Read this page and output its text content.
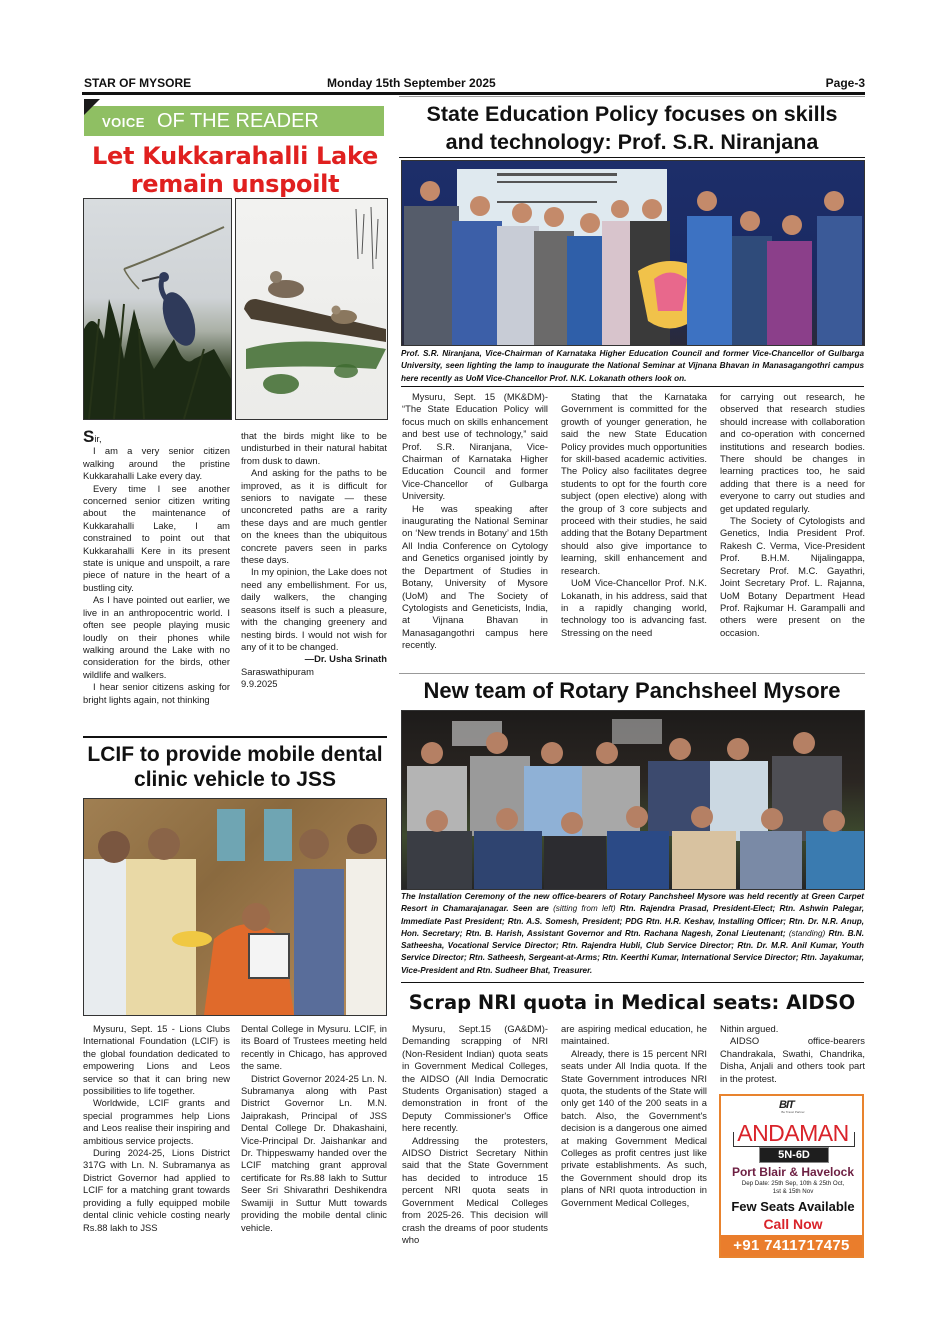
STAR OF MYSORE	Monday 15th September 2025	Page-3
VOICE OF THE READER
Let Kukkarahalli Lake
remain unspoilt

Sir,

I am a very senior citizen walking around the pristine Kukkarahalli Lake every day.

Every time I see another concerned senior citizen writing about the maintenance of Kukkarahalli Lake, I am constrained to point out that Kukkarahalli Kere in its present state is unique and unspoilt, a rare piece of nature in the heart of a bustling city.

As I have pointed out earlier, we live in an anthropocentric world. I often see people playing music loudly on their phones while walking around the Lake with no consideration for the birds, other wildlife and walkers.

I hear senior citizens asking for bright lights again, not thinking

that the birds might like to be undisturbed in their natural habitat from dusk to dawn.

And asking for the paths to be improved, as it is difficult for seniors to navigate — these unconcreted paths are a rarity these days and are much gentler on the knees than the ubiquitous concrete pavers seen in parks these days.

In my opinion, the Lake does not need any embellishment. For us, daily walkers, the changing seasons itself is such a pleasure, with the changing greenery and nesting birds. I would not wish for any of it to be changed.

—Dr. Usha Srinath

Saraswathipuram

9.9.2025

LCIF to provide mobile dental
clinic vehicle to JSS

Mysuru, Sept. 15 - Lions Clubs International Foundation (LCIF) is the global foundation dedicated to empowering Lions and Leos service so that it can bring new possibilities to life together.

Worldwide, LCIF grants and special programmes help Lions and Leos realise their inspiring and ambitious service projects.

During 2024-25, Lions District 317G with Ln. N. Subramanya as District Governor had applied to LCIF for a matching grant towards providing a fully equipped mobile dental clinic vehicle costing nearly Rs.88 lakh to JSS

Dental College in Mysuru. LCIF, in its Board of Trustees meeting held recently in Chicago, has approved the same.

District Governor 2024-25 Ln. N. Subramanya along with Past District Governor Ln. M.N. Jaiprakash, Principal of JSS Dental College Dr. Dhakashaini, Vice-Principal Dr. Jaishankar and Dr. Thippeswamy handed over the LCIF matching grant approval certificate for Rs.88 lakh to Suttur Seer Sri Shivarathri Deshikendra Swamiji in Suttur Mutt towards providing the mobile dental clinic vehicle.

State Education Policy focuses on skills
and technology: Prof. S.R. Niranjana
Prof. S.R. Niranjana, Vice-Chairman of Karnataka Higher Education Council and former Vice-Chancellor of Gulbarga University, seen lighting the lamp to inaugurate the National Seminar at Vijnana Bhavan in Manasagangothri campus here recently as UoM Vice-Chancellor Prof. N.K. Lokanath others look on.

Mysuru, Sept. 15 (MK&DM)- “The State Education Policy will focus much on skills enhancement and best use of technology,” said Prof. S.R. Niranjana, Vice-Chairman of Karnataka Higher Education Council and former Vice-Chancellor of Gulbarga University.

He was speaking after inaugurating the National Seminar on ‘New trends in Botany’ and 15th All India Conference on Cytology and Genetics organised jointly by the Department of Studies in Botany, University of Mysore (UoM) and The Society of Cytologists and Geneticists, India, at Vijnana Bhavan in Manasagangothri campus here recently.

Stating that the Karnataka Government is committed for the growth of younger generation, he said the new State Education Policy provides much opportunities for skill-based academic activities. The Policy also facilitates degree students to opt for the fourth core subject (open elective) along with the group of 3 core subjects and proceed with their studies, he said adding that the Botany Department should also give importance to learning, skill enhancement and research.

UoM Vice-Chancellor Prof. N.K. Lokanath, in his address, said that in a rapidly changing world, technology too is advancing fast. Stressing on the need

for carrying out research, he observed that research studies should increase with collaboration and co-operation with concerned institutions and research bodies. There should be changes in learning practices too, he said adding that there is a need for everyone to carry out studies and get updated regularly.

The Society of Cytologists and Genetics, India President Prof. Rakesh C. Verma, Vice-President Prof. B.H.M. Nijalingappa, Secretary Prof. M.C. Gayathri, Joint Secretary Prof. L. Rajanna, UoM Botany Department Head Prof. Rajkumar H. Garampalli and others were present on the occasion.

New team of Rotary Panchsheel Mysore
The Installation Ceremony of the new office-bearers of Rotary Panchsheel Mysore was held recently at Green Carpet Resort in Chamarajanagar. Seen are (sitting from left) Rtn. Rajendra Prasad, President-Elect; Rtn. Ashwin Palegar, Immediate Past President; Rtn. A.S. Somesh, President; PDG Rtn. H.R. Keshav, Installing Officer; Rtn. Dr. N.R. Anup, Hon. Secretary; Rtn. B. Harish, Assistant Governor and Rtn. Rachana Nagesh, Zonal Lieutenant; (standing) Rtn. B.N. Satheesha, Vocational Service Director; Rtn. Rajendra Hubli, Club Service Director; Rtn. Dr. M.R. Anil Kumar, Youth Service Director; Rtn. Satheesh, Sergeant-at-Arms; Rtn. Keerthi Kumar, International Service Director; Rtn. Jayakumar, Vice-President and Rtn. Sudheer Bhat, Treasurer.
Scrap NRI quota in Medical seats: AIDSO

Mysuru, Sept.15 (GA&DM)- Demanding scrapping of NRI (Non-Resident Indian) quota seats in Government Medical Colleges, the AIDSO (All India Democratic Students Organisation) staged a demonstration in front of the Deputy Commissioner's Office here recently.

Addressing the protesters, AIDSO District Secretary Nithin said that the State Government has decided to introduce 15 percent NRI quota seats in Government Medical Colleges from 2025-26. This decision will crash the dreams of poor students who

are aspiring medical education, he maintained.

Already, there is 15 percent NRI seats under All India quota. If the State Government introduces NRI quota, the students of the State will only get 140 of the 200 seats in a batch. Also, the Government's decision is a dangerous one aimed at making Government Medical Colleges as profit centres just like private establishments. As such, the Government should drop its plans of NRI quota introduction in Government Medical Colleges,

Nithin argued.

AIDSO office-bearers Chandrakala, Swathi, Chandrika, Disha, Anjali and others took part in the protest.

BIT
Be Travel Partner
ANDAMAN
5N-6D
Port Blair & Havelock
Dep Date: 25th Sep, 10th & 25th Oct,
1st & 15th Nov
Few Seats Available
Call Now
+91 7411717475
